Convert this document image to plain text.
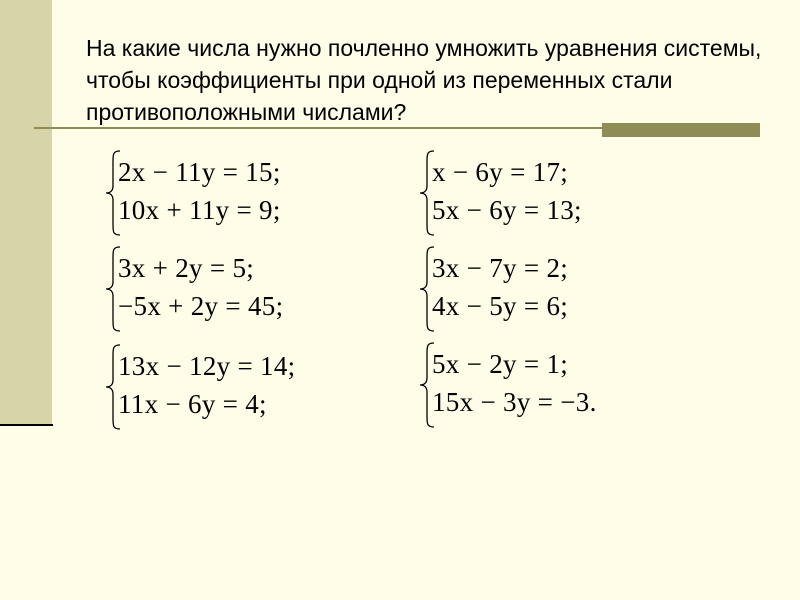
На какие числа нужно почленно умножить уравнения системы, чтобы коэффициенты при одной из переменных стали противоположными числами?
2x − 11y = 15;
10x + 11y = 9;
x − 6y = 17;
5x − 6y = 13;
3x + 2y = 5;
−5x + 2y = 45;
3x − 7y = 2;
4x − 5y = 6;
13x − 12y = 14;
11x − 6y = 4;
5x − 2y = 1;
15x − 3y = −3.
